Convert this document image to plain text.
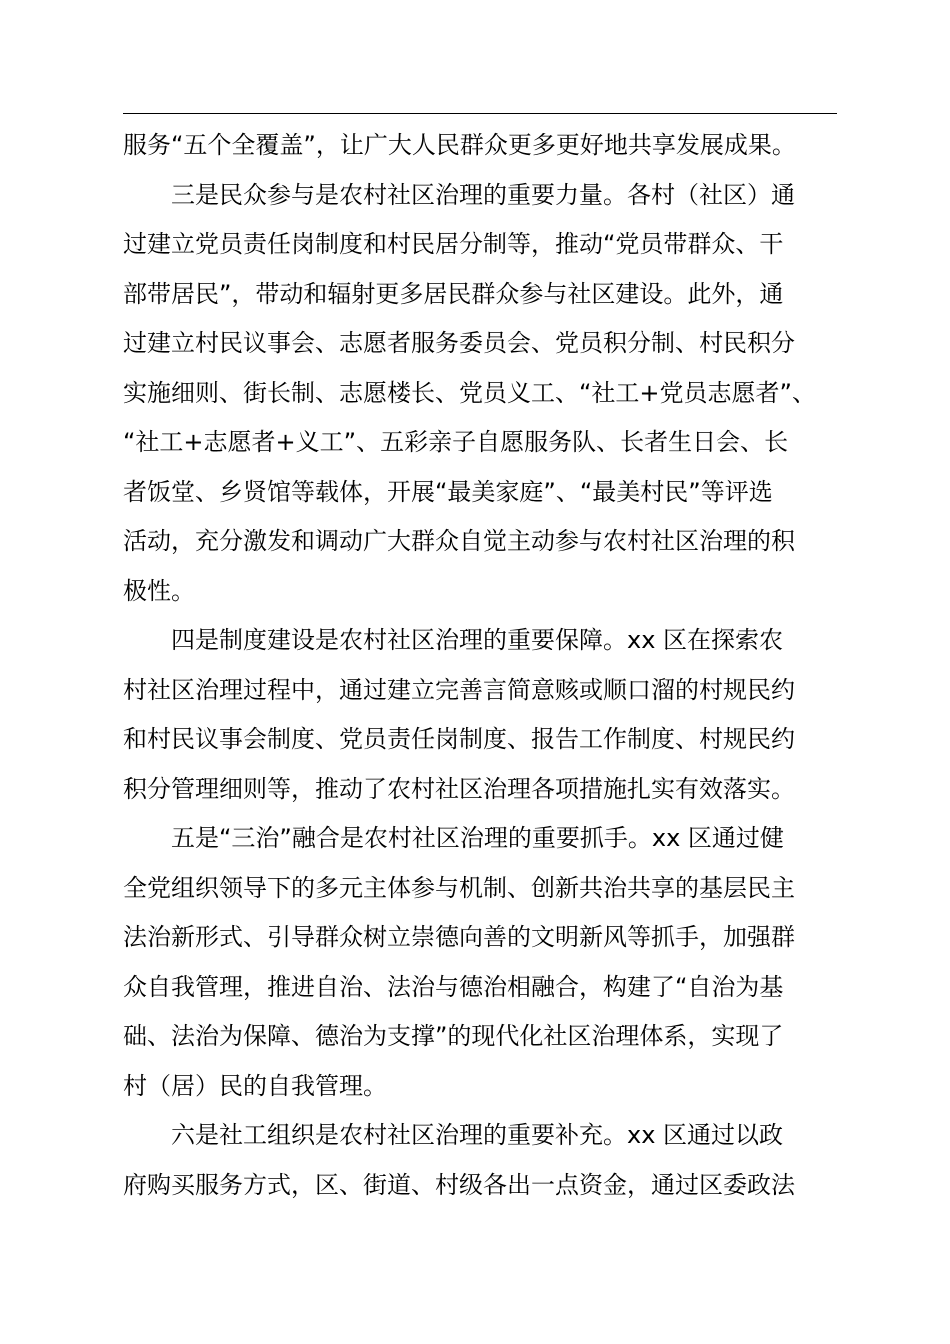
服务“五个全覆盖”，让广大人民群众更多更好地共享发展成果。
三是民众参与是农村社区治理的重要力量。各村（社区）通
过建立党员责任岗制度和村民居分制等，推动“党员带群众、干
部带居民”，带动和辐射更多居民群众参与社区建设。此外，通
过建立村民议事会、志愿者服务委员会、党员积分制、村民积分
实施细则、街长制、志愿楼长、党员义工、“社工+党员志愿者”、
“社工+志愿者+义工”、五彩亲子自愿服务队、长者生日会、长
者饭堂、乡贤馆等载体，开展“最美家庭”、“最美村民”等评选
活动，充分激发和调动广大群众自觉主动参与农村社区治理的积
极性。
四是制度建设是农村社区治理的重要保障。xx 区在探索农
村社区治理过程中，通过建立完善言简意赅或顺口溜的村规民约
和村民议事会制度、党员责任岗制度、报告工作制度、村规民约
积分管理细则等，推动了农村社区治理各项措施扎实有效落实。
五是“三治”融合是农村社区治理的重要抓手。xx 区通过健
全党组织领导下的多元主体参与机制、创新共治共享的基层民主
法治新形式、引导群众树立崇德向善的文明新风等抓手，加强群
众自我管理，推进自治、法治与德治相融合，构建了“自治为基
础、法治为保障、德治为支撑”的现代化社区治理体系，实现了
村（居）民的自我管理。
六是社工组织是农村社区治理的重要补充。xx 区通过以政
府购买服务方式，区、街道、村级各出一点资金，通过区委政法
